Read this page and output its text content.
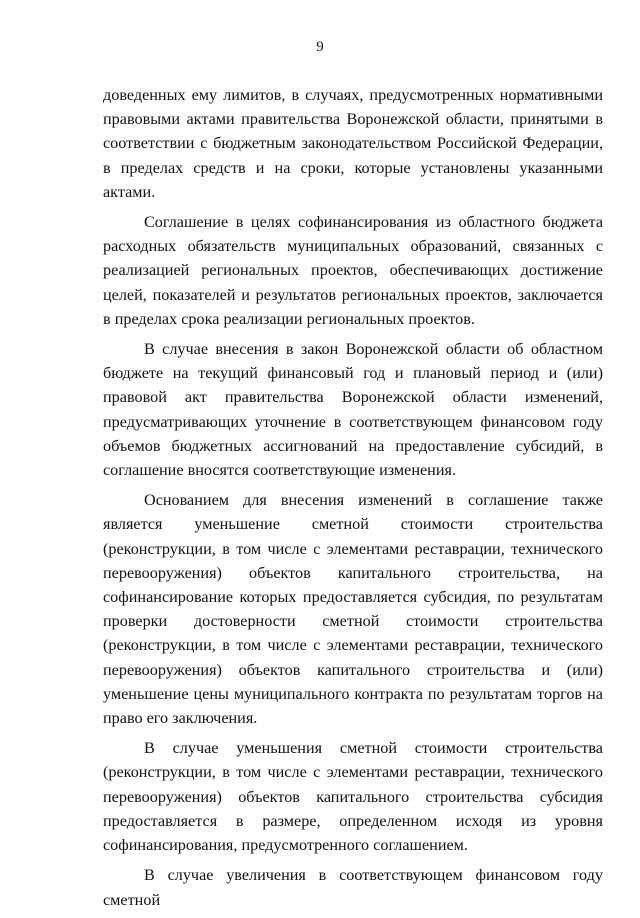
9

доведенных ему лимитов, в случаях, предусмотренных нормативными правовыми актами правительства Воронежской области, принятыми в соответствии с бюджетным законодательством Российской Федерации, в пределах средств и на сроки, которые установлены указанными актами.

Соглашение в целях софинансирования из областного бюджета расходных обязательств муниципальных образований, связанных с реализацией региональных проектов, обеспечивающих достижение целей, показателей и результатов региональных проектов, заключается в пределах срока реализации региональных проектов.

В случае внесения в закон Воронежской области об областном бюджете на текущий финансовый год и плановый период и (или) правовой акт правительства Воронежской области изменений, предусматривающих уточнение в соответствующем финансовом году объемов бюджетных ассигнований на предоставление субсидий, в соглашение вносятся соответствующие изменения.

Основанием для внесения изменений в соглашение также является уменьшение сметной стоимости строительства (реконструкции, в том числе с элементами реставрации, технического перевооружения) объектов капитального строительства, на софинансирование которых предоставляется субсидия, по результатам проверки достоверности сметной стоимости строительства (реконструкции, в том числе с элементами реставрации, технического перевооружения) объектов капитального строительства и (или) уменьшение цены муниципального контракта по результатам торгов на право его заключения.

В случае уменьшения сметной стоимости строительства (реконструкции, в том числе с элементами реставрации, технического перевооружения) объектов капитального строительства субсидия предоставляется в размере, определенном исходя из уровня софинансирования, предусмотренного соглашением.

В случае увеличения в соответствующем финансовом году сметной
